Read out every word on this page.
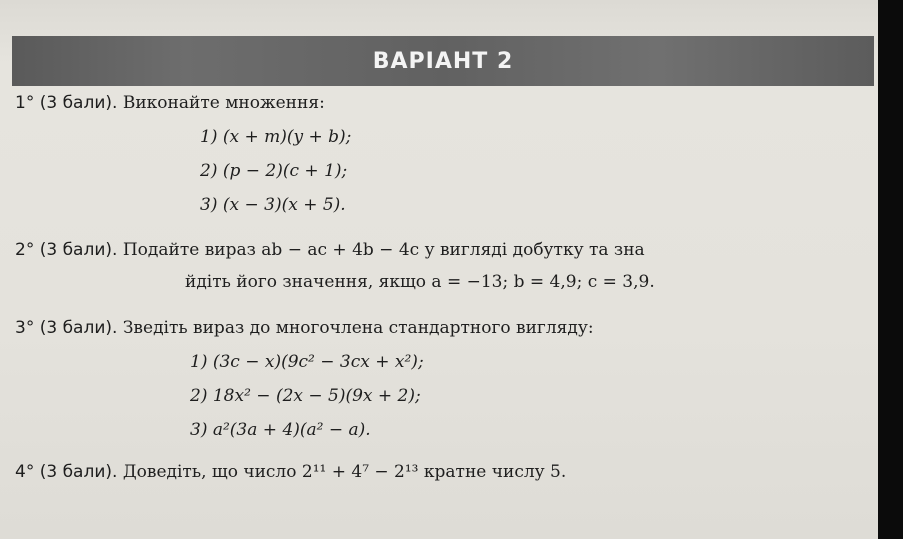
ВАРІАНТ 2
1° (3 бали). Виконайте множення:
1) (x + m)(y + b);
2) (p − 2)(c + 1);
3) (x − 3)(x + 5).
2° (3 бали). Подайте вираз ab − ac + 4b − 4c у вигляді добутку та зна
йдіть його значення, якщо a = −13; b = 4,9; c = 3,9.
3° (3 бали). Зведіть вираз до многочлена стандартного вигляду:
1) (3c − x)(9c² − 3cx + x²);
2) 18x² − (2x − 5)(9x + 2);
3) a²(3a + 4)(a² − a).
4° (3 бали). Доведіть, що число 2¹¹ + 4⁷ − 2¹³ кратне числу 5.
